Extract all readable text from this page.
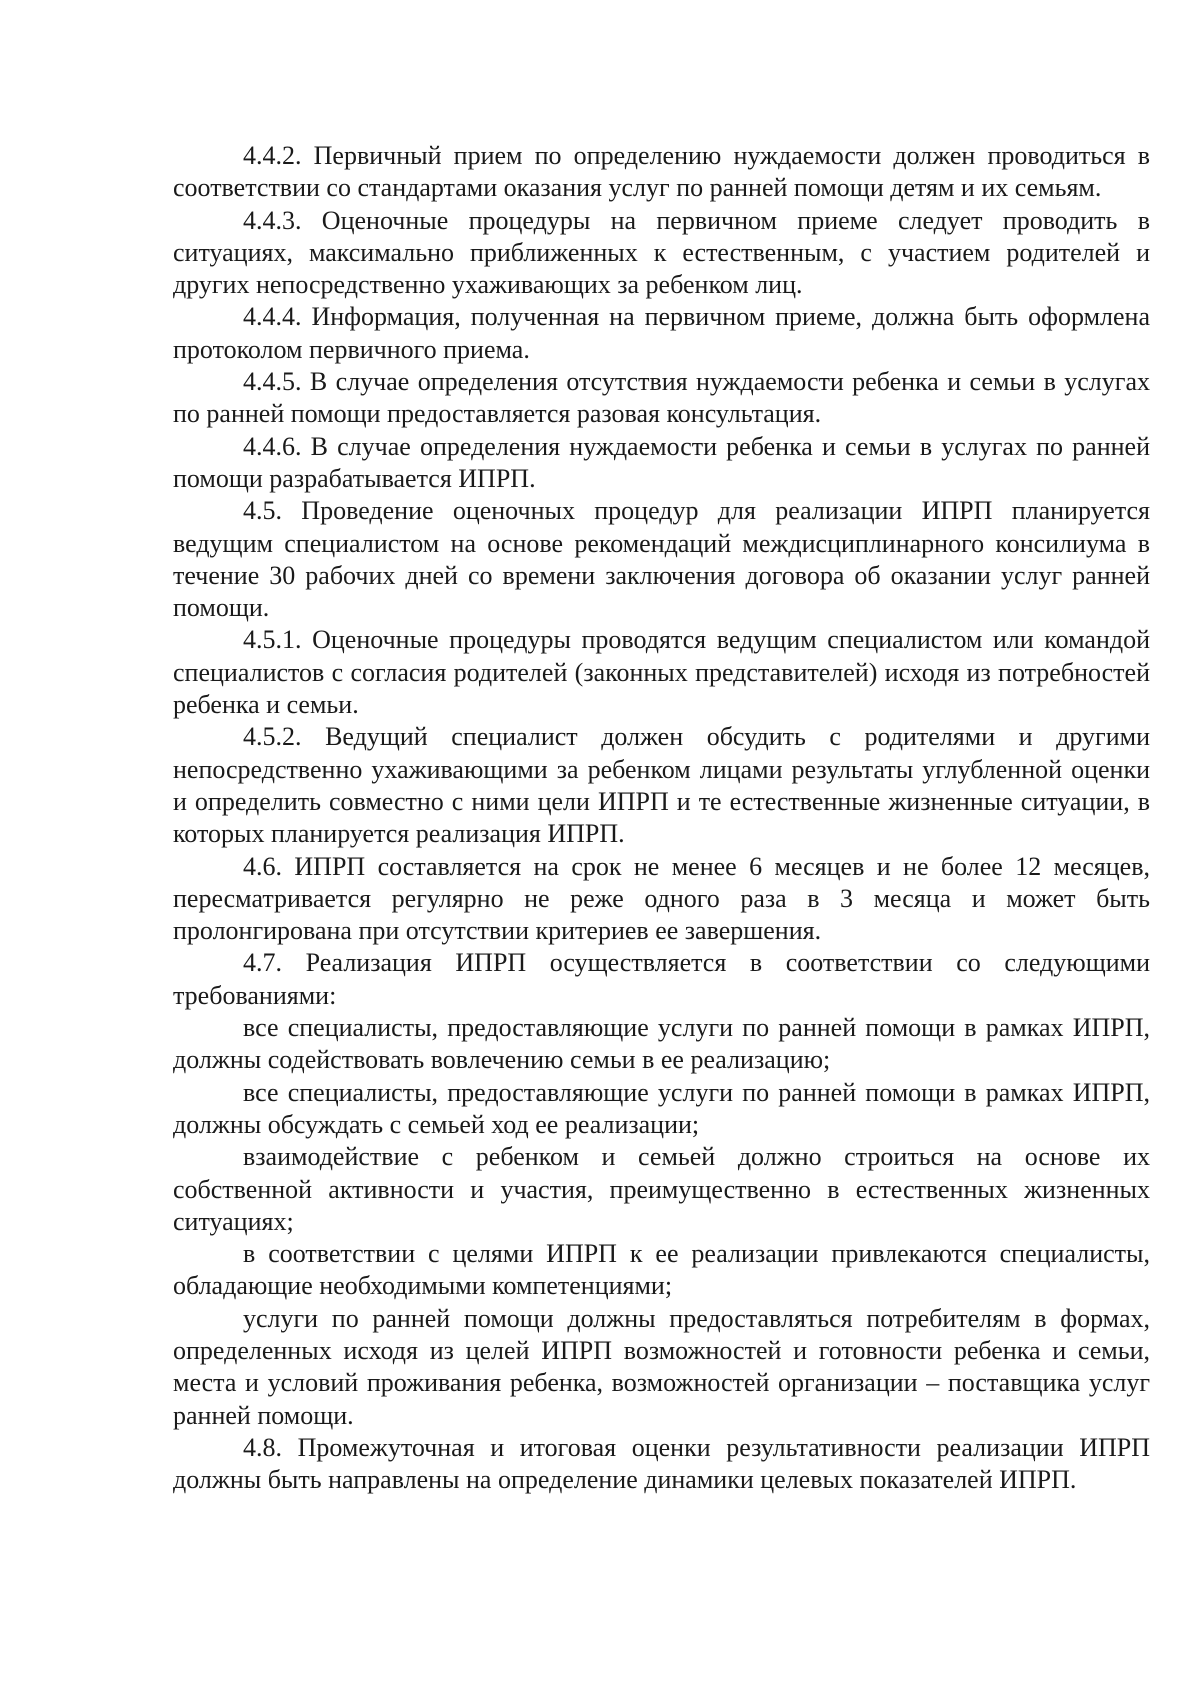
4.4.2. Первичный прием по определению нуждаемости должен проводиться в соответствии со стандартами оказания услуг по ранней помощи детям и их семьям.

4.4.3. Оценочные процедуры на первичном приеме следует проводить в ситуациях, максимально приближенных к естественным, с участием родителей и других непосредственно ухаживающих за ребенком лиц.

4.4.4. Информация, полученная на первичном приеме, должна быть оформлена протоколом первичного приема.

4.4.5. В случае определения отсутствия нуждаемости ребенка и семьи в услугах по ранней помощи предоставляется разовая консультация.

4.4.6. В случае определения нуждаемости ребенка и семьи в услугах по ранней помощи разрабатывается ИПРП.

4.5. Проведение оценочных процедур для реализации ИПРП планируется ведущим специалистом на основе рекомендаций междисциплинарного консилиума в течение 30 рабочих дней со времени заключения договора об оказании услуг ранней помощи.

4.5.1. Оценочные процедуры проводятся ведущим специалистом или командой специалистов с согласия родителей (законных представителей) исходя из потребностей ребенка и семьи.

4.5.2. Ведущий специалист должен обсудить с родителями и другими непосредственно ухаживающими за ребенком лицами результаты углубленной оценки и определить совместно с ними цели ИПРП и те естественные жизненные ситуации, в которых планируется реализация ИПРП.

4.6. ИПРП составляется на срок не менее 6 месяцев и не более 12 месяцев, пересматривается регулярно не реже одного раза в 3 месяца и может быть пролонгирована при отсутствии критериев ее завершения.

4.7. Реализация ИПРП осуществляется в соответствии со следующими требованиями:

все специалисты, предоставляющие услуги по ранней помощи в рамках ИПРП, должны содействовать вовлечению семьи в ее реализацию;

все специалисты, предоставляющие услуги по ранней помощи в рамках ИПРП, должны обсуждать с семьей ход ее реализации;

взаимодействие с ребенком и семьей должно строиться на основе их собственной активности и участия, преимущественно в естественных жизненных ситуациях;

в соответствии с целями ИПРП к ее реализации привлекаются специалисты, обладающие необходимыми компетенциями;

услуги по ранней помощи должны предоставляться потребителям в формах, определенных исходя из целей ИПРП возможностей и готовности ребенка и семьи, места и условий проживания ребенка, возможностей организации – поставщика услуг ранней помощи.

4.8. Промежуточная и итоговая оценки результативности реализации ИПРП должны быть направлены на определение динамики целевых показателей ИПРП.
